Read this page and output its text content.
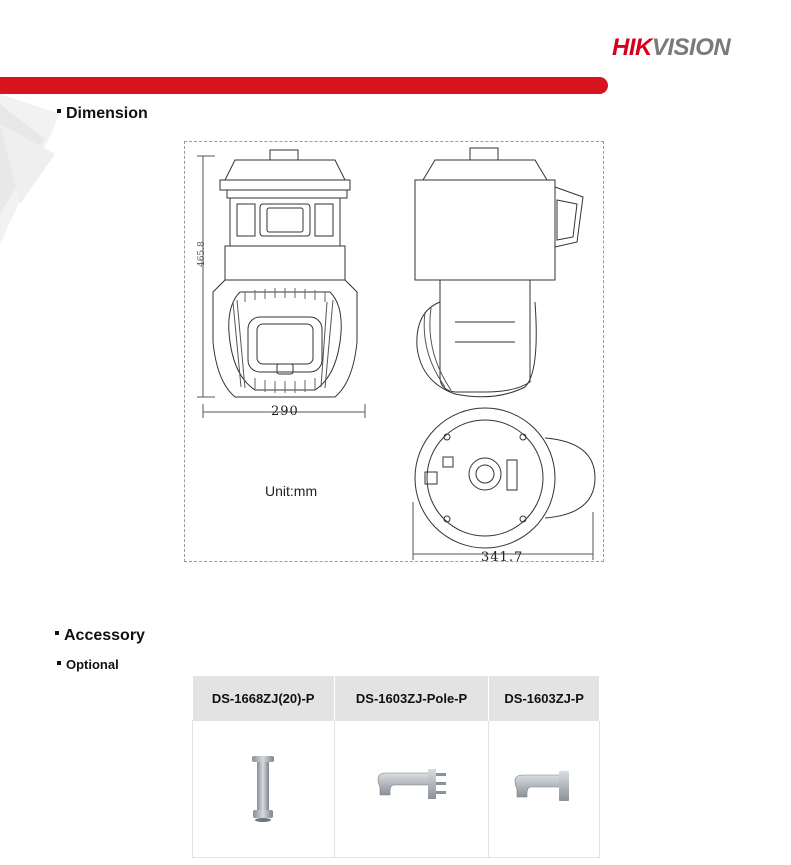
HIKVISION
Dimension
290
465.8
341.7
Unit:mm
Accessory
Optional
DS-1668ZJ(20)-P	DS-1603ZJ-Pole-P	DS-1603ZJ-P
